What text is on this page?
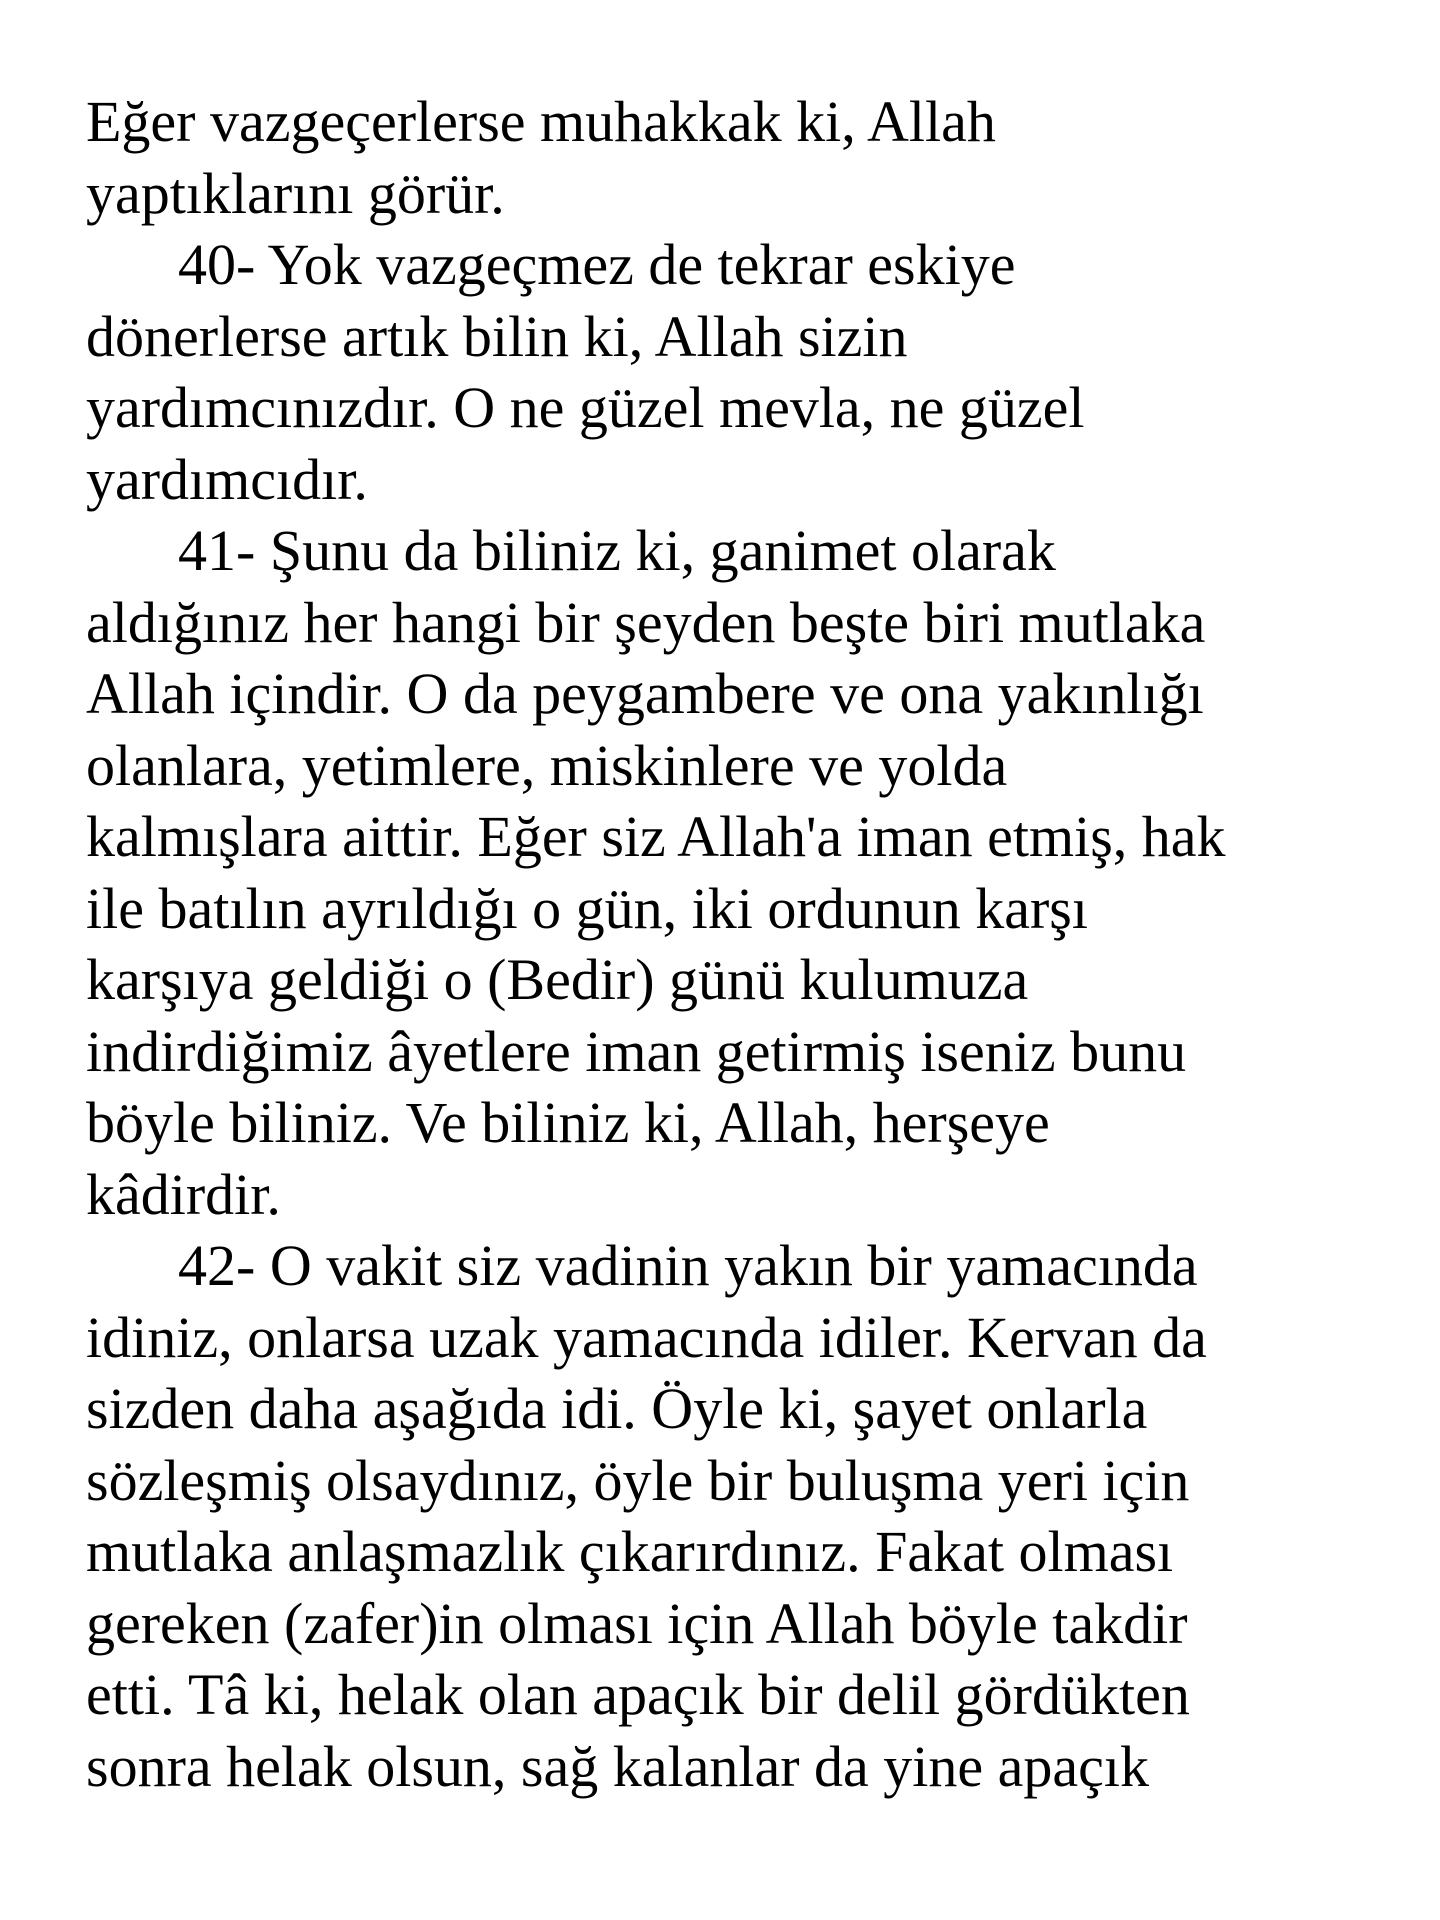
Eğer vazgeçerlerse muhakkak ki, Allah
yaptıklarını görür.
40- Yok vazgeçmez de tekrar eskiye
dönerlerse artık bilin ki, Allah sizin
yardımcınızdır. O ne güzel mevla, ne güzel
yardımcıdır.
41- Şunu da biliniz ki, ganimet olarak
aldığınız her hangi bir şeyden beşte biri mutlaka
Allah içindir. O da peygambere ve ona yakınlığı
olanlara, yetimlere, miskinlere ve yolda
kalmışlara aittir. Eğer siz Allah'a iman etmiş, hak
ile batılın ayrıldığı o gün, iki ordunun karşı
karşıya geldiği o (Bedir) günü kulumuza
indirdiğimiz âyetlere iman getirmiş iseniz bunu
böyle biliniz. Ve biliniz ki, Allah, herşeye
kâdirdir.
42- O vakit siz vadinin yakın bir yamacında
idiniz, onlarsa uzak yamacında idiler. Kervan da
sizden daha aşağıda idi. Öyle ki, şayet onlarla
sözleşmiş olsaydınız, öyle bir buluşma yeri için
mutlaka anlaşmazlık çıkarırdınız. Fakat olması
gereken (zafer)in olması için Allah böyle takdir
etti. Tâ ki, helak olan apaçık bir delil gördükten
sonra helak olsun, sağ kalanlar da yine apaçık
